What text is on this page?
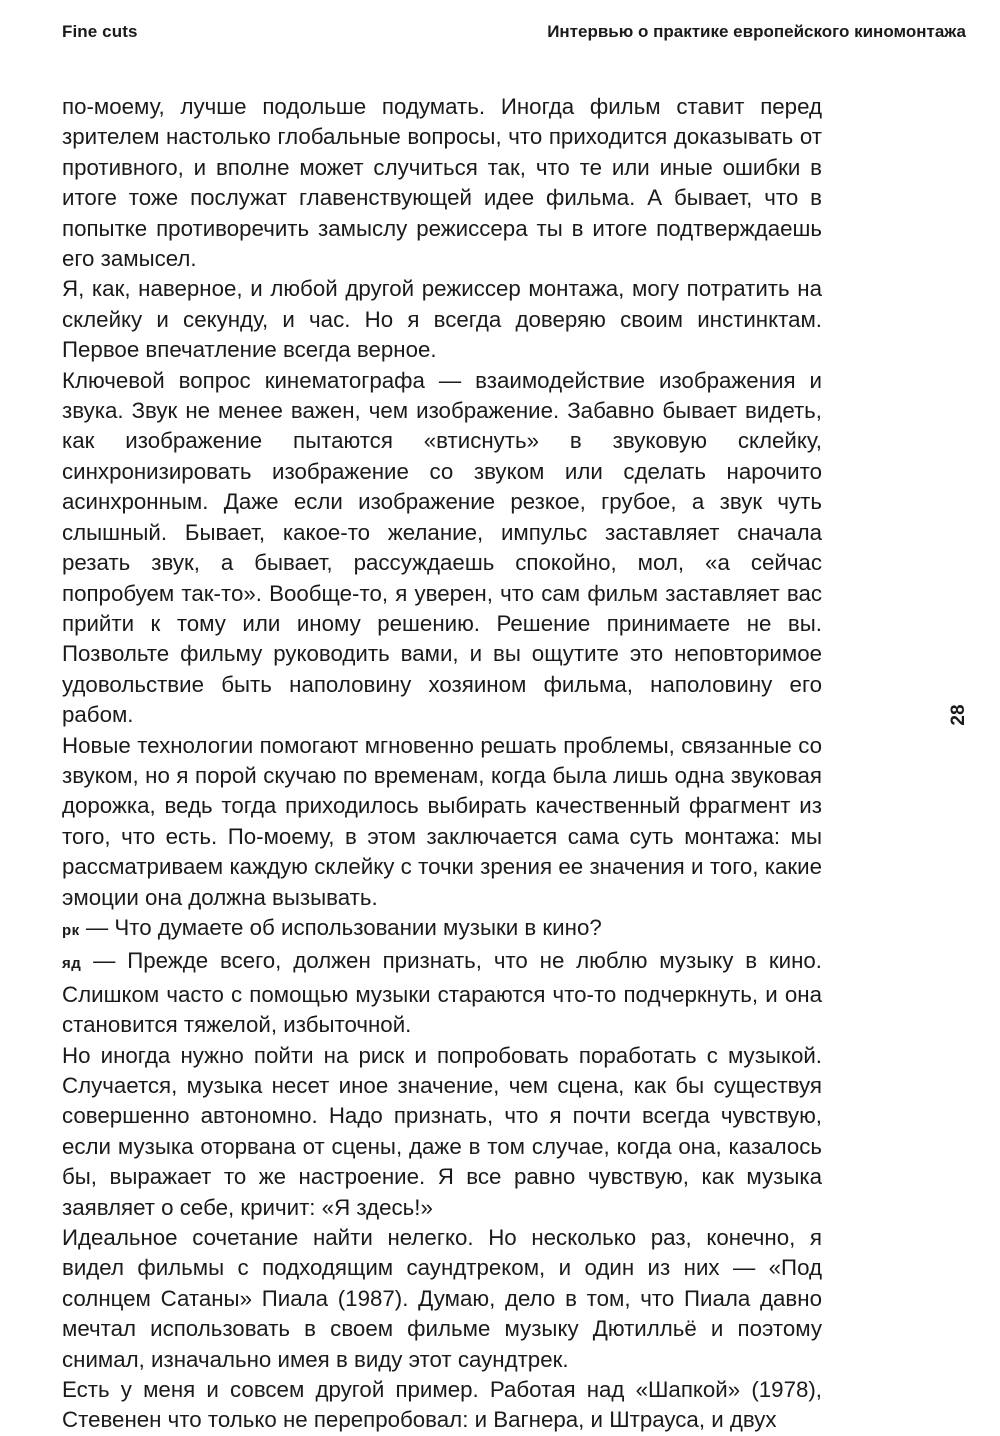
Fine cuts	Интервью о практике европейского киномонтажа
28

по-моему, лучше подольше подумать. Иногда фильм ставит перед зрителем настолько глобальные вопросы, что приходится доказывать от противного, и вполне может случиться так, что те или иные ошибки в итоге тоже послужат главенствующей идее фильма. А бывает, что в попытке противоречить замыслу режиссера ты в итоге подтверждаешь его замысел.

Я, как, наверное, и любой другой режиссер монтажа, могу потратить на склейку и секунду, и час. Но я всегда доверяю своим инстинктам. Первое впечатление всегда верное.

Ключевой вопрос кинематографа — взаимодействие изображения и звука. Звук не менее важен, чем изображение. Забавно бывает видеть, как изображение пытаются «втиснуть» в звуковую склейку, синхронизировать изображение со звуком или сделать нарочито асинхронным. Даже если изображение резкое, грубое, а звук чуть слышный. Бывает, какое-то желание, импульс заставляет сначала резать звук, а бывает, рассуждаешь спокойно, мол, «а сейчас попробуем так-то». Вообще-то, я уверен, что сам фильм заставляет вас прийти к тому или иному решению. Решение принимаете не вы. Позвольте фильму руководить вами, и вы ощутите это неповторимое удовольствие быть наполовину хозяином фильма, наполовину его рабом.

Новые технологии помогают мгновенно решать проблемы, связанные со звуком, но я порой скучаю по временам, когда была лишь одна звуковая дорожка, ведь тогда приходилось выбирать качественный фрагмент из того, что есть. По-моему, в этом заключается сама суть монтажа: мы рассматриваем каждую склейку с точки зрения ее значения и того, какие эмоции она должна вызывать.

рк — Что думаете об использовании музыки в кино?

яд — Прежде всего, должен признать, что не люблю музыку в кино. Слишком часто с помощью музыки стараются что-то подчеркнуть, и она становится тяжелой, избыточной.

Но иногда нужно пойти на риск и попробовать поработать с музыкой. Случается, музыка несет иное значение, чем сцена, как бы существуя совершенно автономно. Надо признать, что я почти всегда чувствую, если музыка оторвана от сцены, даже в том случае, когда она, казалось бы, выражает то же настроение. Я все равно чувствую, как музыка заявляет о себе, кричит: «Я здесь!»

Идеальное сочетание найти нелегко. Но несколько раз, конечно, я видел фильмы с подходящим саундтреком, и один из них — «Под солнцем Сатаны» Пиала (1987). Думаю, дело в том, что Пиала давно мечтал использовать в своем фильме музыку Дютилльё и поэтому снимал, изначально имея в виду этот саундтрек.

Есть у меня и совсем другой пример. Работая над «Шапкой» (1978), Стевенен что только не перепробовал: и Вагнера, и Штрауса, и двух
